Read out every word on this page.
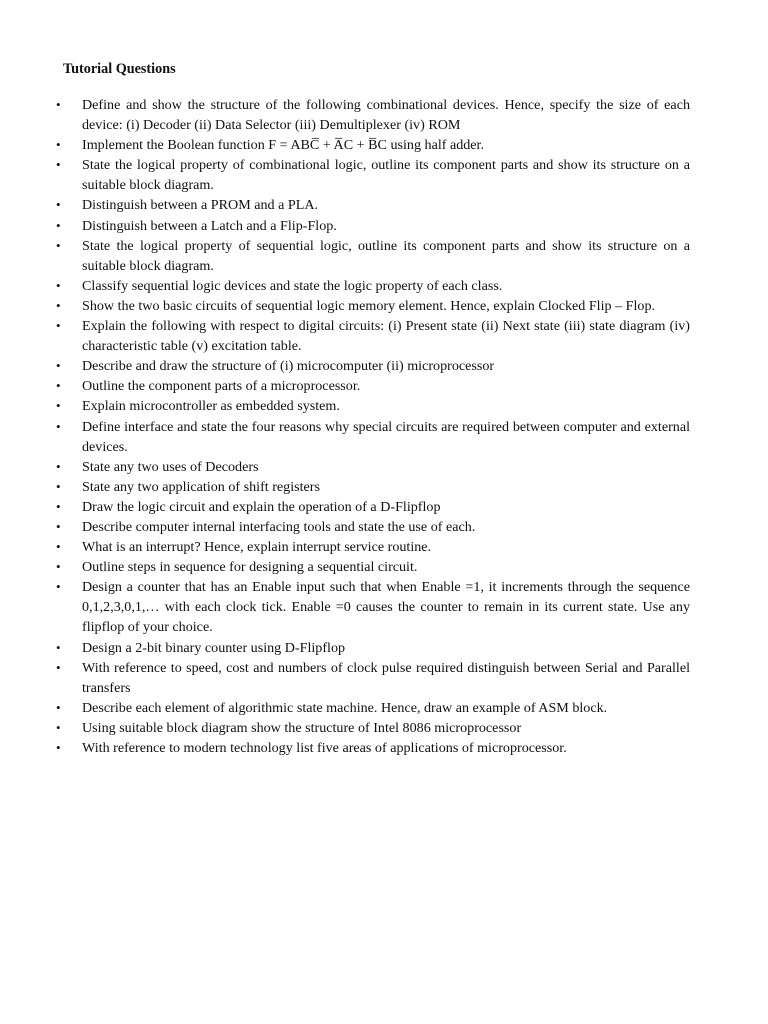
Tutorial Questions
• Define and show the structure of the following combinational devices. Hence, specify the size of each device: (i) Decoder (ii) Data Selector (iii) Demultiplexer (iv) ROM
• Implement the Boolean function F = ABC̅ + A̅C + B̅C using half adder.
• State the logical property of combinational logic, outline its component parts and show its structure on a suitable block diagram.
• Distinguish between a PROM and a PLA.
• Distinguish between a Latch and a Flip-Flop.
• State the logical property of sequential logic, outline its component parts and show its structure on a suitable block diagram.
• Classify sequential logic devices and state the logic property of each class.
• Show the two basic circuits of sequential logic memory element. Hence, explain Clocked Flip – Flop.
• Explain the following with respect to digital circuits: (i) Present state (ii) Next state (iii) state diagram (iv) characteristic table (v) excitation table.
• Describe and draw the structure of (i) microcomputer (ii) microprocessor
• Outline the component parts of a microprocessor.
• Explain microcontroller as embedded system.
• Define interface and state the four reasons why special circuits are required between computer and external devices.
• State any two uses of Decoders
• State any two application of shift registers
• Draw the logic circuit and explain the operation of a D-Flipflop
• Describe computer internal interfacing tools and state the use of each.
• What is an interrupt? Hence, explain interrupt service routine.
• Outline steps in sequence for designing a sequential circuit.
• Design a counter that has an Enable input such that when Enable =1, it increments through the sequence 0,1,2,3,0,1,… with each clock tick. Enable =0 causes the counter to remain in its current state. Use any flipflop of your choice.
• Design a 2-bit binary counter using D-Flipflop
• With reference to speed, cost and numbers of clock pulse required distinguish between Serial and Parallel transfers
• Describe each element of algorithmic state machine. Hence, draw an example of ASM block.
• Using suitable block diagram show the structure of Intel 8086 microprocessor
• With reference to modern technology list five areas of applications of microprocessor.
